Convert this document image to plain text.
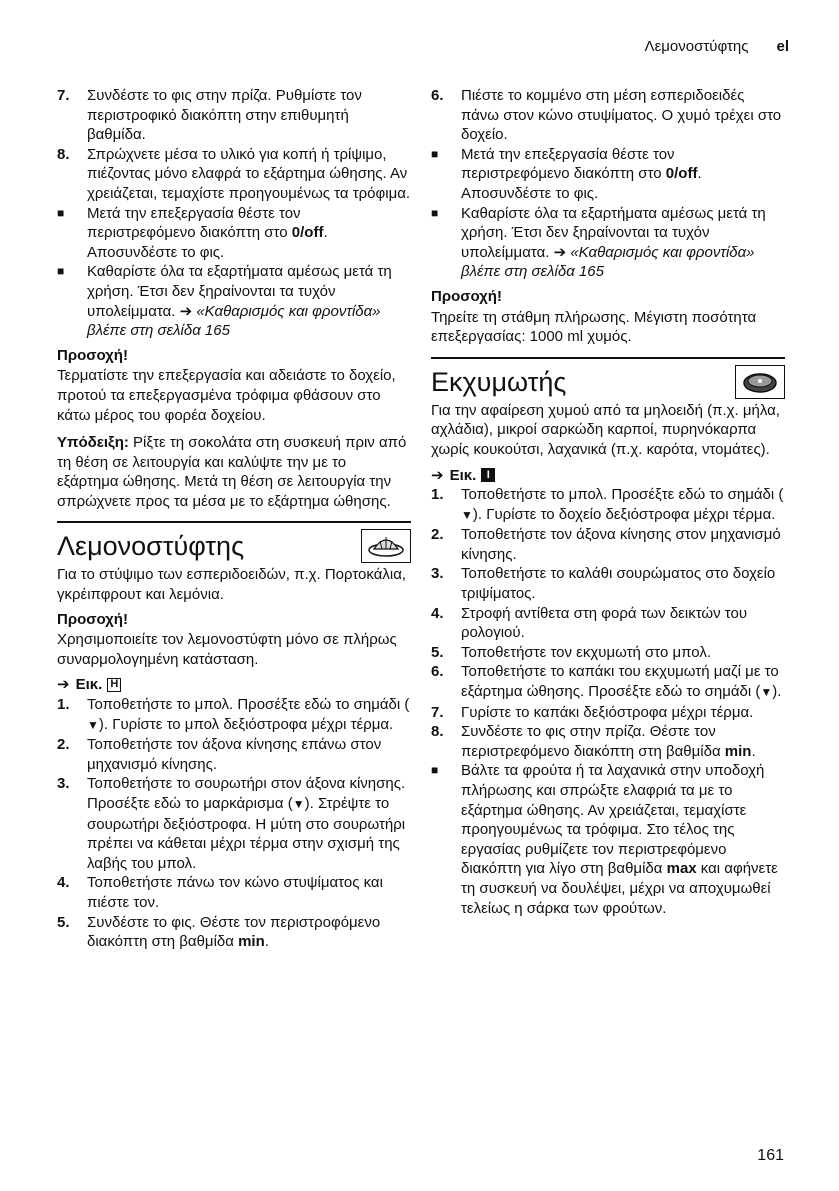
Λεμονοστύφτης el
7.	Συνδέστε το φις στην πρίζα. Ρυθμίστε τον περιστροφικό διακόπτη στην επιθυμητή βαθμίδα.
8.	Σπρώχνετε μέσα το υλικό για κοπή ή τρίψιμο, πιέζοντας μόνο ελαφρά το εξάρτημα ώθησης. Αν χρειάζεται, τεμαχίστε προηγουμένως τα τρόφιμα.
■	Μετά την επεξεργασία θέστε τον περιστρεφόμενο διακόπτη στο 0/off. Αποσυνδέστε το φις.
■	Καθαρίστε όλα τα εξαρτήματα αμέσως μετά τη χρήση. Έτσι δεν ξηραίνονται τα τυχόν υπολείμματα. ➔ «Καθαρισμός και φροντίδα» βλέπε στη σελίδα 165
Προσοχή!
Τερματίστε την επεξεργασία και αδειάστε το δοχείο, προτού τα επεξεργασμένα τρόφιμα φθάσουν στο κάτω μέρος του φορέα δοχείου.
Υπόδειξη: Ρίξτε τη σοκολάτα στη συσκευή πριν από τη θέση σε λειτουργία και καλύψτε την με το εξάρτημα ώθησης. Μετά τη θέση σε λειτουργία την σπρώχνετε προς τα μέσα με το εξάρτημα ώθησης.
Λεμονοστύφτης
Για το στύψιμο των εσπεριδοειδών, π.χ. Πορτοκάλια, γκρέιπφρουτ και λεμόνια.
Προσοχή!
Χρησιμοποιείτε τον λεμονοστύφτη μόνο σε πλήρως συναρμολογημένη κατάσταση.
➔ Εικ. H
1.	Τοποθετήστε το μπολ. Προσέξτε εδώ το σημάδι (▼). Γυρίστε το μπολ δεξιόστροφα μέχρι τέρμα.
2.	Τοποθετήστε τον άξονα κίνησης επάνω στον μηχανισμό κίνησης.
3.	Τοποθετήστε το σουρωτήρι στον άξονα κίνησης. Προσέξτε εδώ το μαρκάρισμα (▼). Στρέψτε το σουρωτήρι δεξιόστροφα. Η μύτη στο σουρωτήρι πρέπει να κάθεται μέχρι τέρμα στην σχισμή της λαβής του μπολ.
4.	Τοποθετήστε πάνω τον κώνο στυψίματος και πιέστε τον.
5.	Συνδέστε το φις. Θέστε τον περιστροφόμενο διακόπτη στη βαθμίδα min.
6.	Πιέστε το κομμένο στη μέση εσπεριδοειδές πάνω στον κώνο στυψίματος. Ο χυμό τρέχει στο δοχείο.
■	Μετά την επεξεργασία θέστε τον περιστρεφόμενο διακόπτη στο 0/off. Αποσυνδέστε το φις.
■	Καθαρίστε όλα τα εξαρτήματα αμέσως μετά τη χρήση. Έτσι δεν ξηραίνονται τα τυχόν υπολείμματα. ➔ «Καθαρισμός και φροντίδα» βλέπε στη σελίδα 165
Προσοχή!
Τηρείτε τη στάθμη πλήρωσης. Μέγιστη ποσότητα επεξεργασίας: 1000 ml χυμός.
Εκχυμωτής
Για την αφαίρεση χυμού από τα μηλοειδή (π.χ. μήλα, αχλάδια), μικροί σαρκώδη καρποί, πυρηνόκαρπα χωρίς κουκούτσι, λαχανικά (π.χ. καρότα, ντομάτες).
➔ Εικ. I
1.	Τοποθετήστε το μπολ. Προσέξτε εδώ το σημάδι (▼). Γυρίστε το δοχείο δεξιόστροφα μέχρι τέρμα.
2.	Τοποθετήστε τον άξονα κίνησης στον μηχανισμό κίνησης.
3.	Τοποθετήστε το καλάθι σουρώματος στο δοχείο τριψίματος.
4.	Στροφή αντίθετα στη φορά των δεικτών του ρολογιού.
5.	Τοποθετήστε τον εκχυμωτή στο μπολ.
6.	Τοποθετήστε το καπάκι του εκχυμωτή μαζί με το εξάρτημα ώθησης. Προσέξτε εδώ το σημάδι (▼).
7.	Γυρίστε το καπάκι δεξιόστροφα μέχρι τέρμα.
8.	Συνδέστε το φις στην πρίζα. Θέστε τον περιστρεφόμενο διακόπτη στη βαθμίδα min.
■	Βάλτε τα φρούτα ή τα λαχανικά στην υποδοχή πλήρωσης και σπρώξτε ελαφριά τα με το εξάρτημα ώθησης. Αν χρειάζεται, τεμαχίστε προηγουμένως τα τρόφιμα. Στο τέλος της εργασίας ρυθμίζετε τον περιστρεφόμενο διακόπτη για λίγο στη βαθμίδα max και αφήνετε τη συσκευή να δουλέψει, μέχρι να αποχυμωθεί τελείως η σάρκα των φρούτων.
161
